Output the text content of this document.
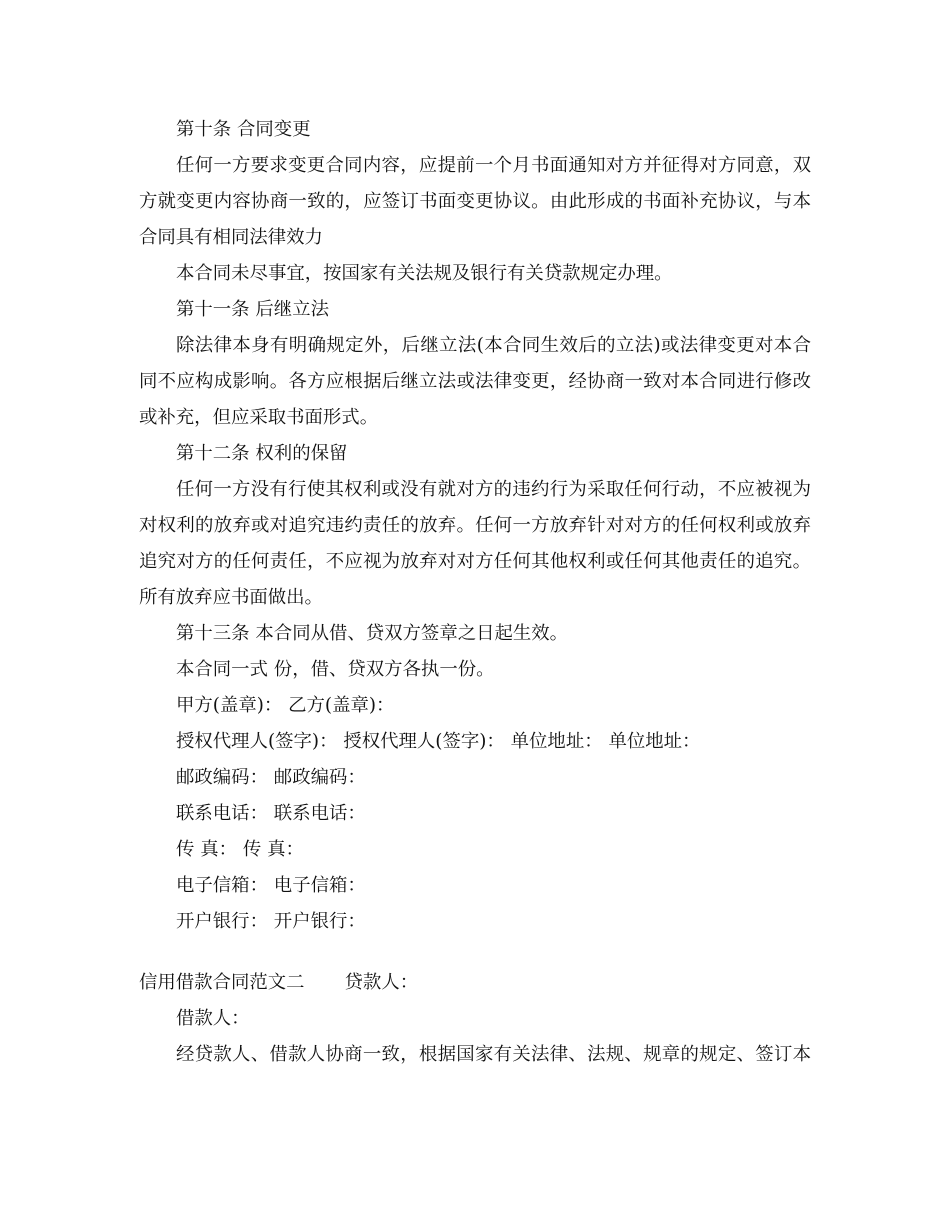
第十条 合同变更
任何一方要求变更合同内容，应提前一个月书面通知对方并征得对方同意，双
方就变更内容协商一致的，应签订书面变更协议。由此形成的书面补充协议，与本
合同具有相同法律效力
本合同未尽事宜，按国家有关法规及银行有关贷款规定办理。
第十一条 后继立法
除法律本身有明确规定外，后继立法(本合同生效后的立法)或法律变更对本合
同不应构成影响。各方应根据后继立法或法律变更，经协商一致对本合同进行修改
或补充，但应采取书面形式。
第十二条 权利的保留
任何一方没有行使其权利或没有就对方的违约行为采取任何行动，不应被视为
对权利的放弃或对追究违约责任的放弃。任何一方放弃针对对方的任何权利或放弃
追究对方的任何责任，不应视为放弃对对方任何其他权利或任何其他责任的追究。
所有放弃应书面做出。
第十三条 本合同从借、贷双方签章之日起生效。
本合同一式 份，借、贷双方各执一份。
甲方(盖章)： 乙方(盖章)：
授权代理人(签字)： 授权代理人(签字)： 单位地址： 单位地址：
邮政编码： 邮政编码：
联系电话： 联系电话：
传 真： 传 真：
电子信箱： 电子信箱：
开户银行： 开户银行：
信用借款合同范文二 贷款人：
借款人：
经贷款人、借款人协商一致，根据国家有关法律、法规、规章的规定、签订本
